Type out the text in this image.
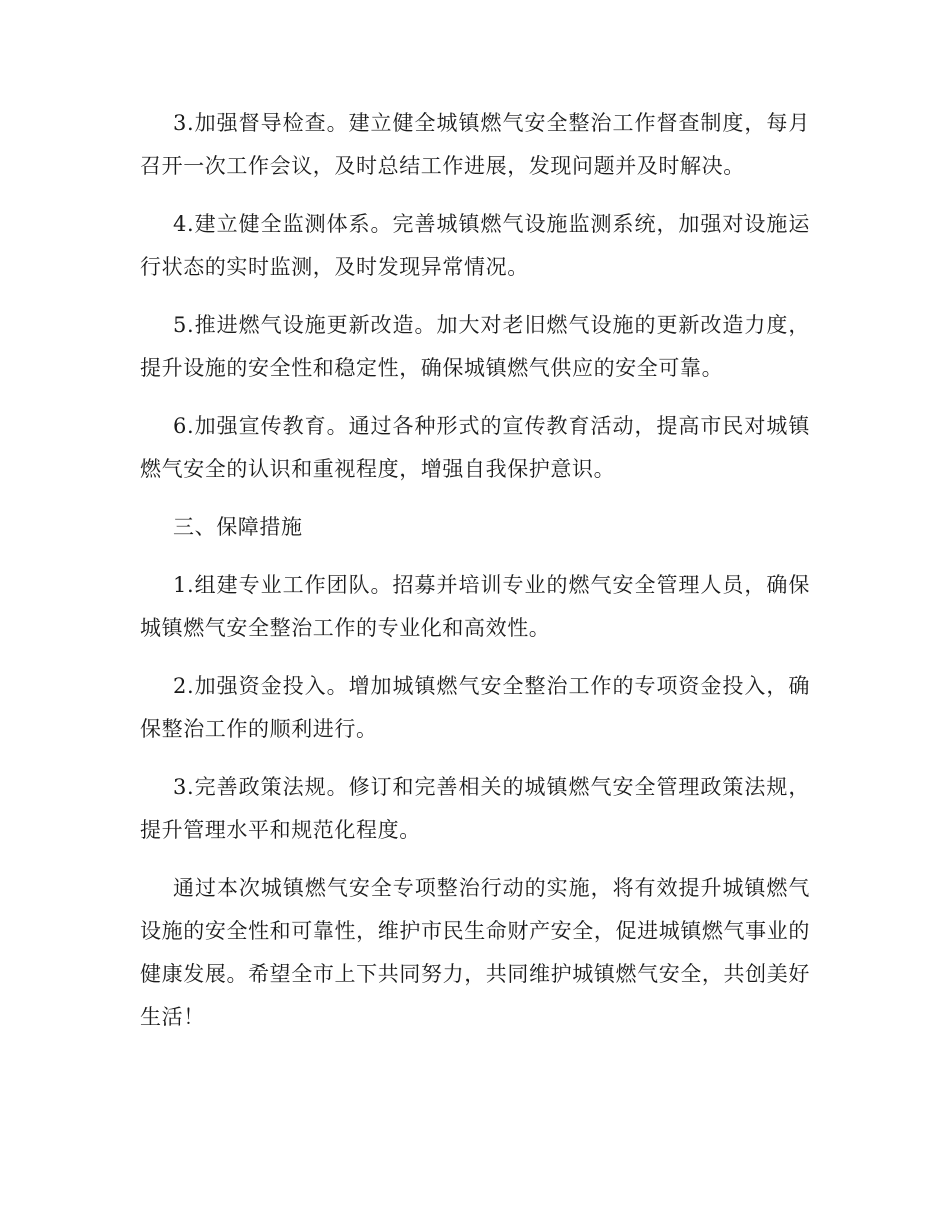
3.加强督导检查。建立健全城镇燃气安全整治工作督查制度，每月召开一次工作会议，及时总结工作进展，发现问题并及时解决。

4.建立健全监测体系。完善城镇燃气设施监测系统，加强对设施运行状态的实时监测，及时发现异常情况。

5.推进燃气设施更新改造。加大对老旧燃气设施的更新改造力度，提升设施的安全性和稳定性，确保城镇燃气供应的安全可靠。

6.加强宣传教育。通过各种形式的宣传教育活动，提高市民对城镇燃气安全的认识和重视程度，增强自我保护意识。

三、保障措施

1.组建专业工作团队。招募并培训专业的燃气安全管理人员，确保城镇燃气安全整治工作的专业化和高效性。

2.加强资金投入。增加城镇燃气安全整治工作的专项资金投入，确保整治工作的顺利进行。

3.完善政策法规。修订和完善相关的城镇燃气安全管理政策法规，提升管理水平和规范化程度。

通过本次城镇燃气安全专项整治行动的实施，将有效提升城镇燃气设施的安全性和可靠性，维护市民生命财产安全，促进城镇燃气事业的健康发展。希望全市上下共同努力，共同维护城镇燃气安全，共创美好生活！
